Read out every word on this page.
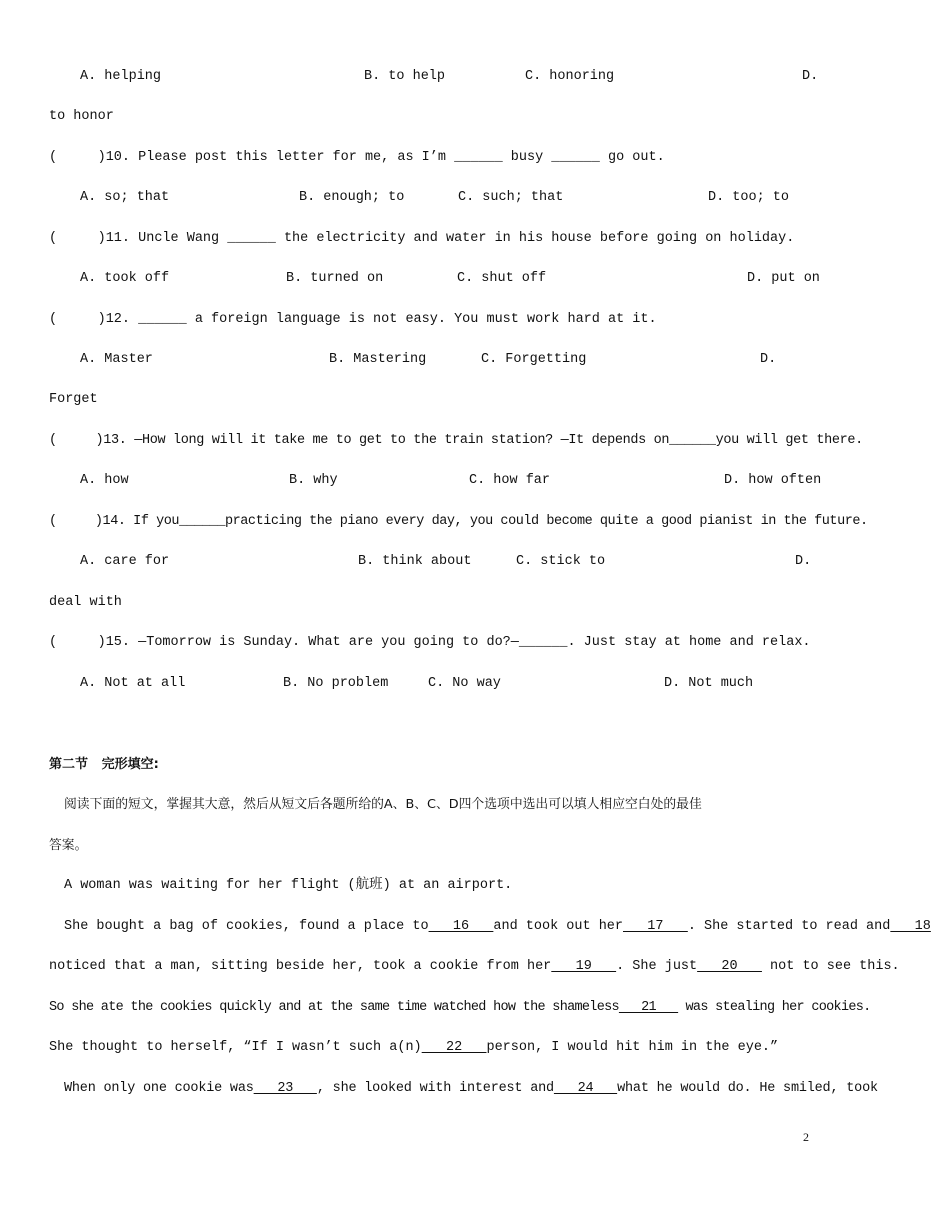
A. helping	B. to help	C. honoring	D.
to honor
(     )10. Please post this letter for me, as I’m ______ busy ______ go out.
A. so; that	B. enough; to	C. such; that	D. too; to
(     )11. Uncle Wang ______ the electricity and water in his house before going on holiday.
A. took off	B. turned on	C. shut off	D. put on
(     )12. ______ a foreign language is not easy. You must work hard at it.
A. Master	B. Mastering	C. Forgetting	D.
Forget
(     )13. —How long will it take me to get to the train station? —It depends on______you will get there.
A. how	B. why	C. how far	D. how often
(     )14. If you______practicing the piano every day, you could become quite a good pianist in the future.
A. care for	B. think about	C. stick to	D.
deal with
(     )15. —Tomorrow is Sunday. What are you going to do?—______. Just stay at home and relax.
A. Not at all	B. No problem	C. No way	D. Not much
第二节   完形填空:
阅读下面的短文，掌握其大意，然后从短文后各题所给的A、B、C、D四个选项中选出可以填人相应空白处的最佳
答案。
A woman was waiting for her flight (航班) at an airport.
She bought a bag of cookies, found a place to   16   and took out her   17   . She started to read and   18
noticed that a man, sitting beside her, took a cookie from her   19   . She just   20    not to see this.
So she ate the cookies quickly and at the same time watched how the shameless   21    was stealing her cookies.
She thought to herself, “If I wasn’t such a(n)   22   person, I would hit him in the eye.”
When only one cookie was   23   , she looked with interest and   24   what he would do. He smiled, took
2
